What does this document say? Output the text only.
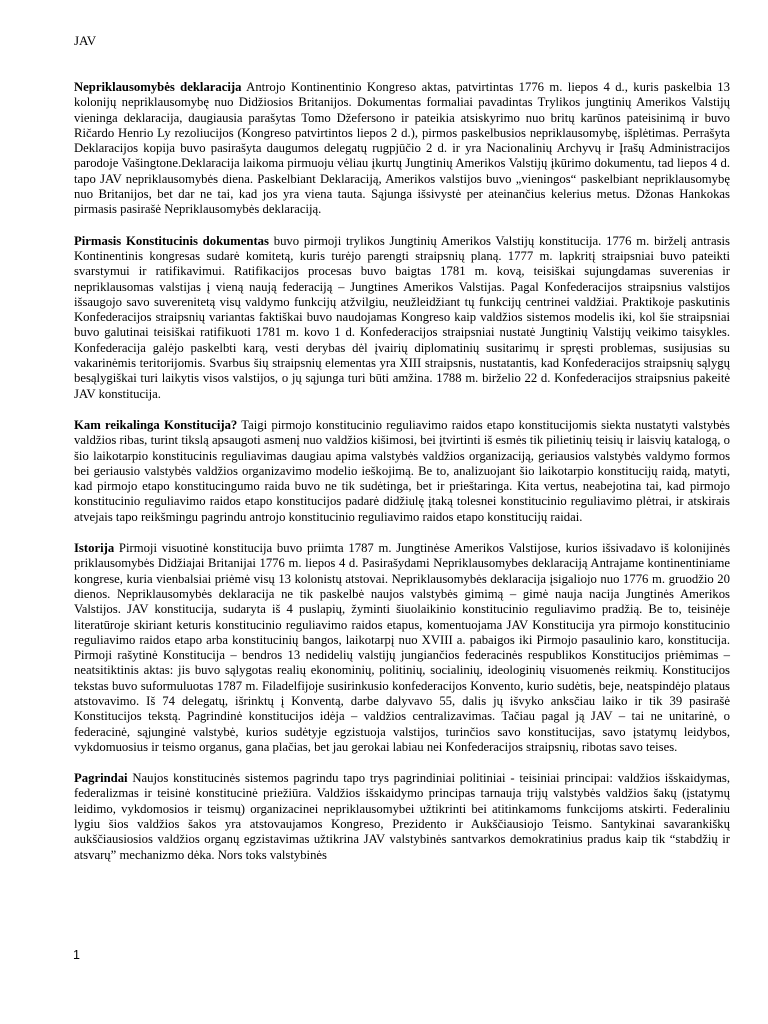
JAV

Nepriklausomybės deklaracija Antrojo Kontinentinio Kongreso aktas, patvirtintas 1776 m. liepos 4 d., kuris paskelbia 13 kolonijų nepriklausomybę nuo Didžiosios Britanijos. Dokumentas formaliai pavadintas Trylikos jungtinių Amerikos Valstijų vieninga deklaracija, daugiausia parašytas Tomo Džefersono ir pateikia atsiskyrimo nuo britų karūnos pateisinimą ir buvo Ričardo Henrio Ly rezoliucijos (Kongreso patvirtintos liepos 2 d.), pirmos paskelbusios nepriklausomybę, išplėtimas. Perrašyta Deklaracijos kopija buvo pasirašyta daugumos delegatų rugpjūčio 2 d. ir yra Nacionalinių Archyvų ir Įrašų Administracijos parodoje Vašingtone.Deklaracija laikoma pirmuoju vėliau įkurtų Jungtinių Amerikos Valstijų įkūrimo dokumentu, tad liepos 4 d. tapo JAV nepriklausomybės diena. Paskelbiant Deklaraciją, Amerikos valstijos buvo „vieningos“ paskelbiant nepriklausomybę nuo Britanijos, bet dar ne tai, kad jos yra viena tauta. Sąjunga išsivystė per ateinančius kelerius metus. Džonas Hankokas pirmasis pasirašė Nepriklausomybės deklaraciją.

Pirmasis Konstitucinis dokumentas buvo pirmoji trylikos Jungtinių Amerikos Valstijų konstitucija. 1776 m. birželį antrasis Kontinentinis kongresas sudarė komitetą, kuris turėjo parengti straipsnių planą. 1777 m. lapkritį straipsniai buvo pateikti svarstymui ir ratifikavimui. Ratifikacijos procesas buvo baigtas 1781 m. kovą, teisiškai sujungdamas suverenias ir nepriklausomas valstijas į vieną naują federaciją – Jungtines Amerikos Valstijas. Pagal Konfederacijos straipsnius valstijos išsaugojo savo suverenitetą visų valdymo funkcijų atžvilgiu, neužleidžiant tų funkcijų centrinei valdžiai. Praktikoje paskutinis Konfederacijos straipsnių variantas faktiškai buvo naudojamas Kongreso kaip valdžios sistemos modelis iki, kol šie straipsniai buvo galutinai teisiškai ratifikuoti 1781 m. kovo 1 d. Konfederacijos straipsniai nustatė Jungtinių Valstijų veikimo taisykles. Konfederacija galėjo paskelbti karą, vesti derybas dėl įvairių diplomatinių susitarimų ir spręsti problemas, susijusias su vakarinėmis teritorijomis. Svarbus šių straipsnių elementas yra XIII straipsnis, nustatantis, kad Konfederacijos straipsnių sąlygų besąlygiškai turi laikytis visos valstijos, o jų sąjunga turi būti amžina. 1788 m. birželio 22 d. Konfederacijos straipsnius pakeitė JAV konstitucija.

Kam reikalinga Konstitucija? Taigi pirmojo konstitucinio reguliavimo raidos etapo konstitucijomis siekta nustatyti valstybės valdžios ribas, turint tikslą apsaugoti asmenį nuo valdžios kišimosi, bei įtvirtinti iš esmės tik pilietinių teisių ir laisvių katalogą, o šio laikotarpio konstitucinis reguliavimas daugiau apima valstybės valdžios organizaciją, geriausios valstybės valdymo formos bei geriausio valstybės valdžios organizavimo modelio ieškojimą. Be to, analizuojant šio laikotarpio konstitucijų raidą, matyti, kad pirmojo etapo konstitucingumo raida buvo ne tik sudėtinga, bet ir prieštaringa. Kita vertus, neabejotina tai, kad pirmojo konstitucinio reguliavimo raidos etapo konstitucijos padarė didžiulę įtaką tolesnei konstitucinio reguliavimo plėtrai, ir atskirais atvejais tapo reikšmingu pagrindu antrojo konstitucinio reguliavimo raidos etapo konstitucijų raidai.

Istorija Pirmoji visuotinė konstitucija buvo priimta 1787 m. Jungtinėse Amerikos Valstijose, kurios išsivadavo iš kolonijinės priklausomybės Didžiajai Britanijai 1776 m. liepos 4 d. Pasirašydami Nepriklausomybes deklaraciją Antrajame kontinentiniame kongrese, kuria vienbalsiai priėmė visų 13 kolonistų atstovai. Nepriklausomybės deklaracija įsigaliojo nuo 1776 m. gruodžio 20 dienos. Nepriklausomybės deklaracija ne tik paskelbė naujos valstybės gimimą – gimė nauja nacija Jungtinės Amerikos Valstijos. JAV konstitucija, sudaryta iš 4 puslapių, žyminti šiuolaikinio konstitucinio reguliavimo pradžią. Be to, teisinėje literatūroje skiriant keturis konstitucinio reguliavimo raidos etapus, komentuojama JAV Konstitucija yra pirmojo konstitucinio reguliavimo raidos etapo arba konstitucinių bangos, laikotarpį nuo XVIII a. pabaigos iki Pirmojo pasaulinio karo, konstitucija. Pirmoji rašytinė Konstitucija – bendros 13 nedidelių valstijų jungiančios federacinės respublikos Konstitucijos priėmimas – neatsitiktinis aktas: jis buvo sąlygotas realių ekonominių, politinių, socialinių, ideologinių visuomenės reikmių. Konstitucijos tekstas buvo suformuluotas 1787 m. Filadelfijoje susirinkusio konfederacijos Konvento, kurio sudėtis, beje, neatspindėjo plataus atstovavimo. Iš 74 delegatų, išrinktų į Konventą, darbe dalyvavo 55, dalis jų išvyko anksčiau laiko ir tik 39 pasirašė Konstitucijos tekstą. Pagrindinė konstitucijos idėja – valdžios centralizavimas. Tačiau pagal ją JAV – tai ne unitarinė, o federacinė, sąjunginė valstybė, kurios sudėtyje egzistuoja valstijos, turinčios savo konstitucijas, savo įstatymų leidybos, vykdomuosius ir teismo organus, gana plačias, bet jau gerokai labiau nei Konfederacijos straipsnių, ribotas savo teises.

Pagrindai Naujos konstitucinės sistemos pagrindu tapo trys pagrindiniai politiniai - teisiniai principai: valdžios išskaidymas, federalizmas ir teisinė konstitucinė priežiūra. Valdžios išskaidymo principas tarnauja trijų valstybės valdžios šakų (įstatymų leidimo, vykdomosios ir teismų) organizacinei nepriklausomybei užtikrinti bei atitinkamoms funkcijoms atskirti. Federaliniu lygiu šios valdžios šakos yra atstovaujamos Kongreso, Prezidento ir Aukščiausiojo Teismo. Santykinai savarankiškų aukščiausiosios valdžios organų egzistavimas užtikrina JAV valstybinės santvarkos demokratinius pradus kaip tik “stabdžių ir atsvarų” mechanizmo dėka. Nors toks valstybinės

1
